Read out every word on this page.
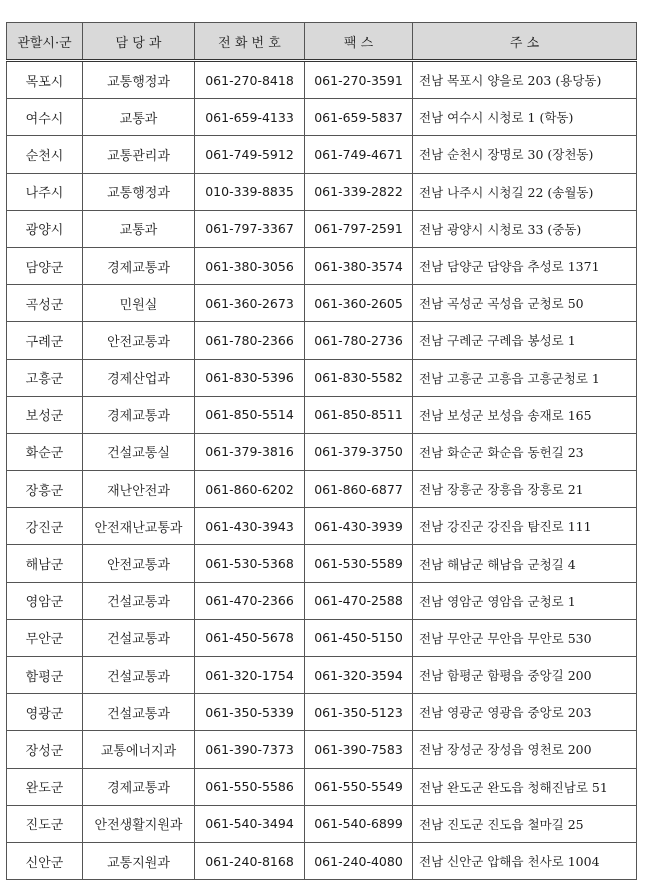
관할시·군	담 당 과	전 화 번 호	팩 스	주 소
목포시	교통행정과	061-270-8418	061-270-3591	전남 목포시 양을로 203 (용당동)
여수시	교통과	061-659-4133	061-659-5837	전남 여수시 시청로 1 (학동)
순천시	교통관리과	061-749-5912	061-749-4671	전남 순천시 장명로 30 (장천동)
나주시	교통행정과	010-339-8835	061-339-2822	전남 나주시 시청길 22 (송월동)
광양시	교통과	061-797-3367	061-797-2591	전남 광양시 시청로 33 (중동)
담양군	경제교통과	061-380-3056	061-380-3574	전남 담양군 담양읍 추성로 1371
곡성군	민원실	061-360-2673	061-360-2605	전남 곡성군 곡성읍 군청로 50
구례군	안전교통과	061-780-2366	061-780-2736	전남 구례군 구례읍 봉성로 1
고흥군	경제산업과	061-830-5396	061-830-5582	전남 고흥군 고흥읍 고흥군청로 1
보성군	경제교통과	061-850-5514	061-850-8511	전남 보성군 보성읍 송재로 165
화순군	건설교통실	061-379-3816	061-379-3750	전남 화순군 화순읍 동헌길 23
장흥군	재난안전과	061-860-6202	061-860-6877	전남 장흥군 장흥읍 장흥로 21
강진군	안전재난교통과	061-430-3943	061-430-3939	전남 강진군 강진읍 탐진로 111
해남군	안전교통과	061-530-5368	061-530-5589	전남 해남군 해남읍 군청길 4
영암군	건설교통과	061-470-2366	061-470-2588	전남 영암군 영암읍 군청로 1
무안군	건설교통과	061-450-5678	061-450-5150	전남 무안군 무안읍 무안로 530
함평군	건설교통과	061-320-1754	061-320-3594	전남 함평군 함평읍 중앙길 200
영광군	건설교통과	061-350-5339	061-350-5123	전남 영광군 영광읍 중앙로 203
장성군	교통에너지과	061-390-7373	061-390-7583	전남 장성군 장성읍 영천로 200
완도군	경제교통과	061-550-5586	061-550-5549	전남 완도군 완도읍 청해진남로 51
진도군	안전생활지원과	061-540-3494	061-540-6899	전남 진도군 진도읍 철마길 25
신안군	교통지원과	061-240-8168	061-240-4080	전남 신안군 압해읍 천사로 1004
